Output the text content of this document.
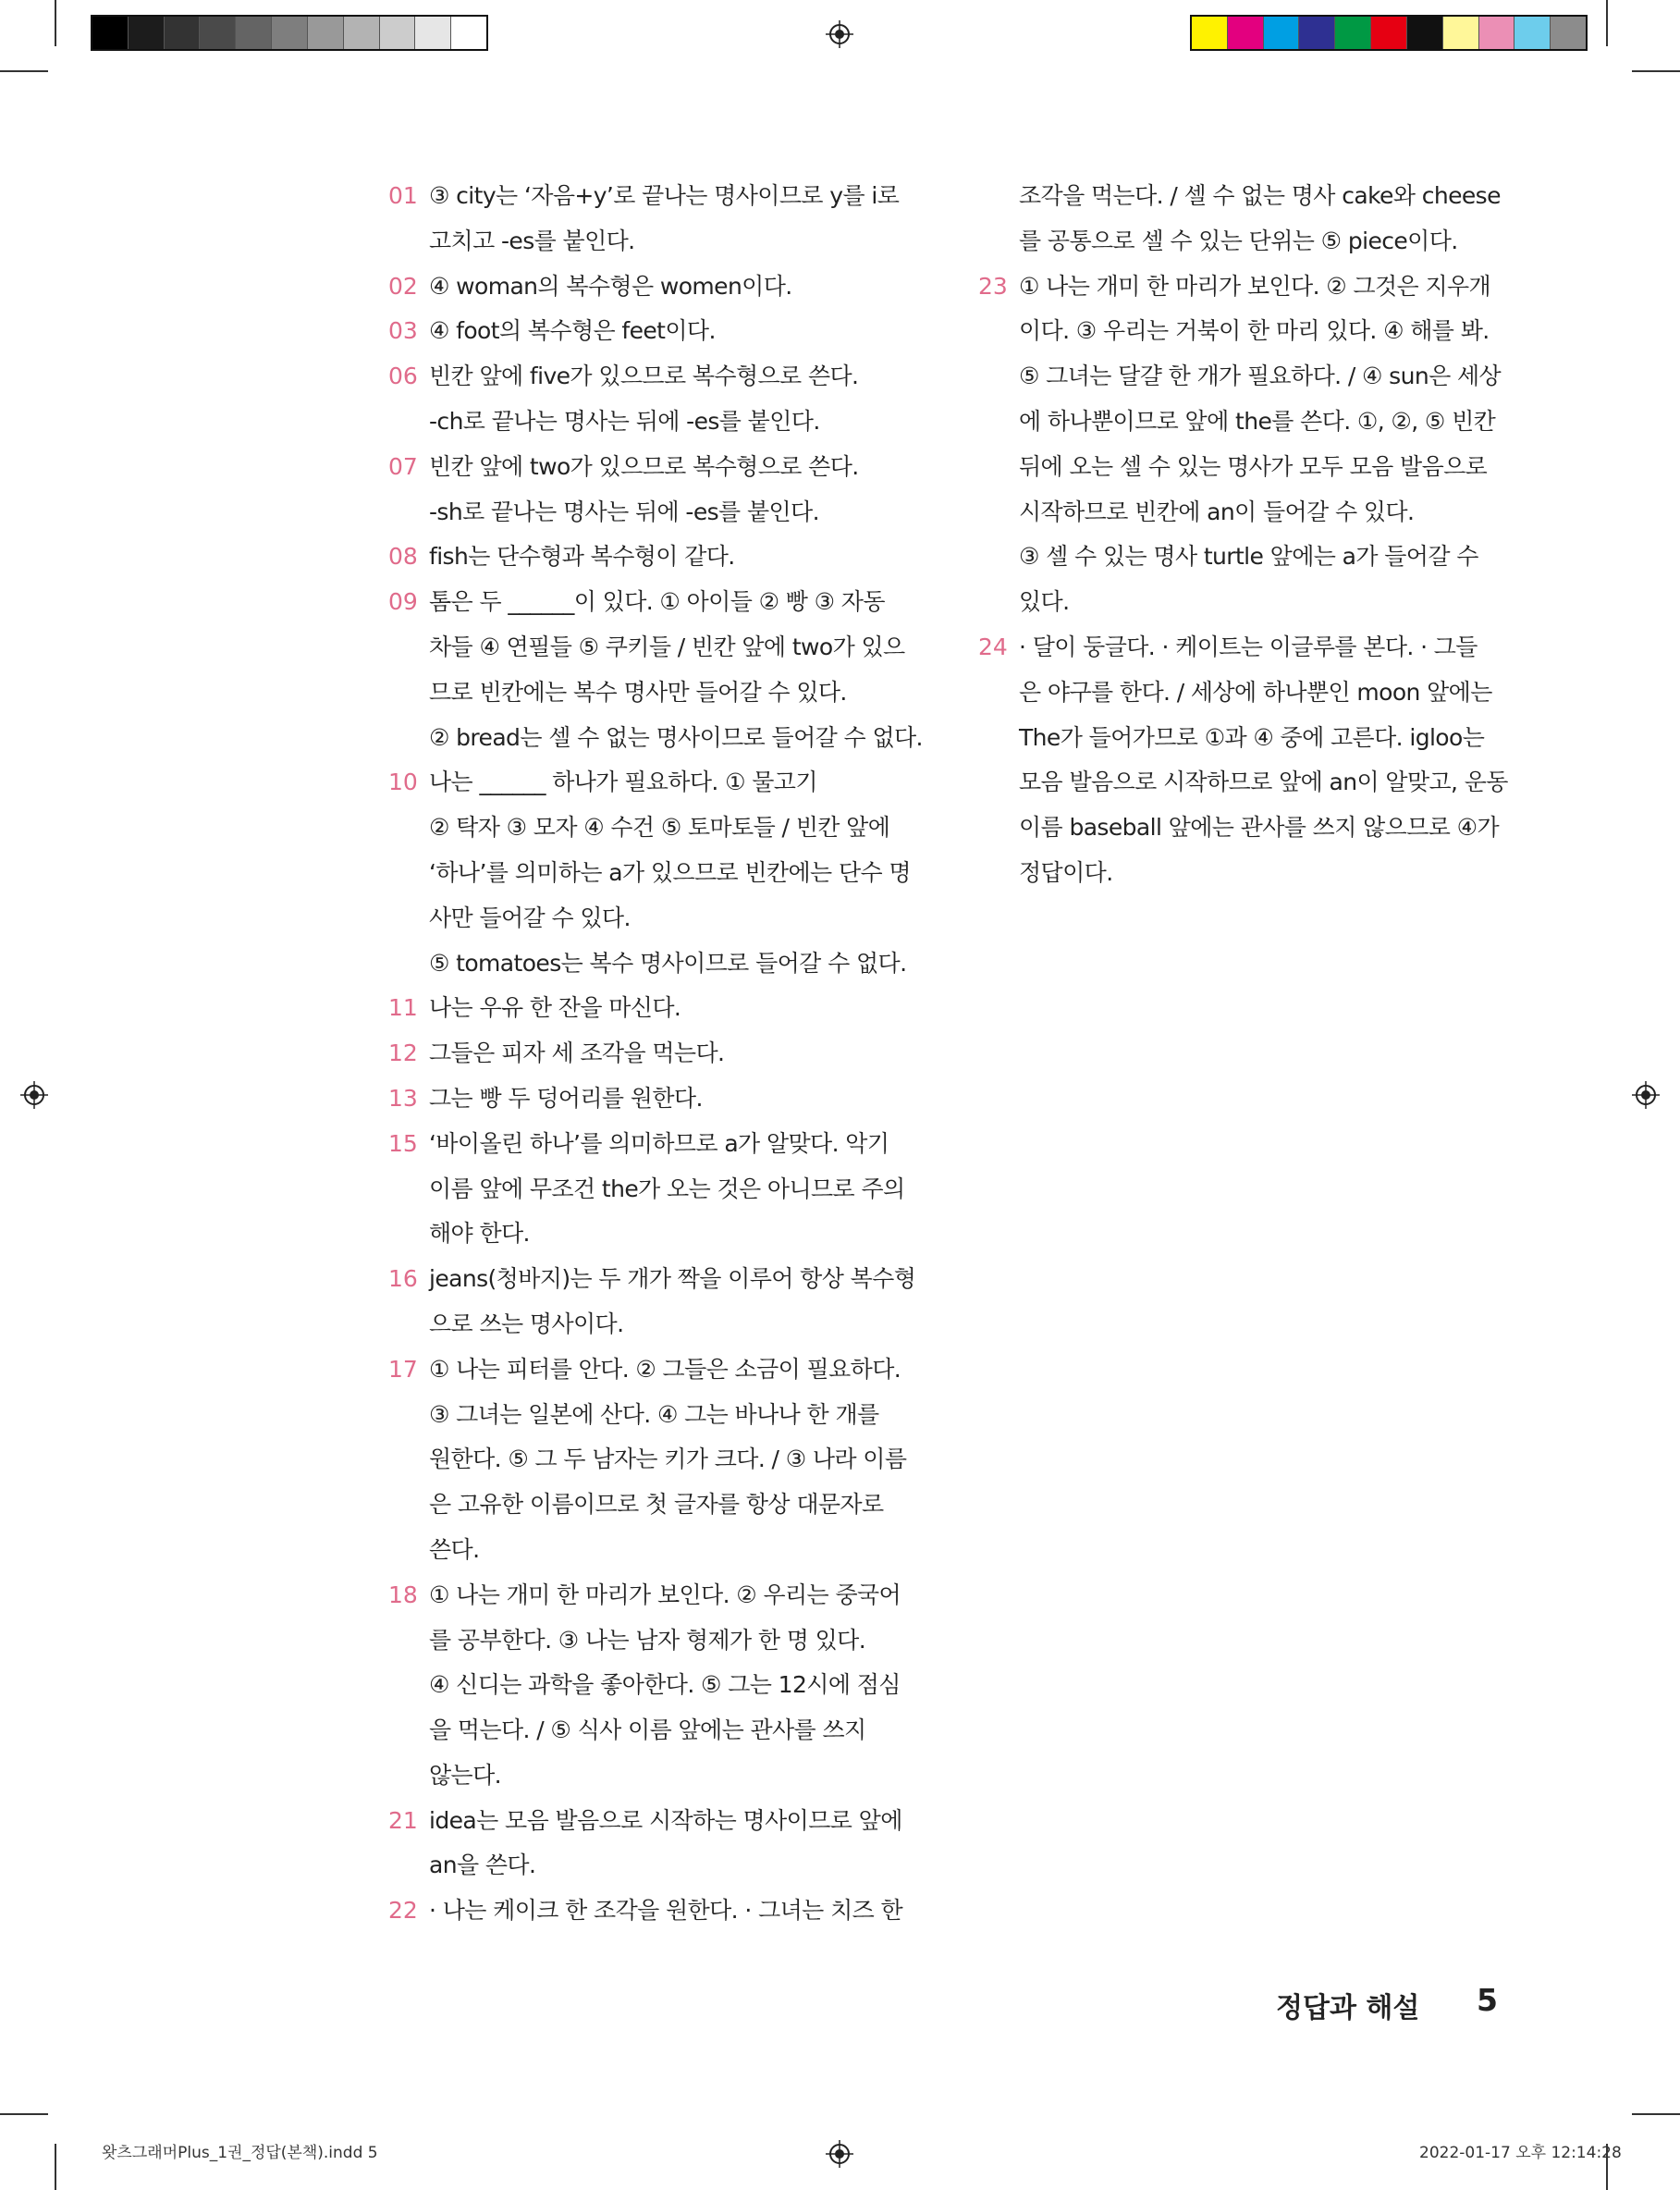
01 ③ city는 ‘자음+y’로 끝나는 명사이므로 y를 i로
고치고 -es를 붙인다.
02 ④ woman의 복수형은 women이다.
03 ④ foot의 복수형은 feet이다.
06 빈칸 앞에 five가 있으므로 복수형으로 쓴다.
-ch로 끝나는 명사는 뒤에 -es를 붙인다.
07 빈칸 앞에 two가 있으므로 복수형으로 쓴다.
-sh로 끝나는 명사는 뒤에 -es를 붙인다.
08 fish는 단수형과 복수형이 같다.
09 톰은 두 ______이 있다. ① 아이들 ② 빵 ③ 자동
차들 ④ 연필들 ⑤ 쿠키들 / 빈칸 앞에 two가 있으
므로 빈칸에는 복수 명사만 들어갈 수 있다.
② bread는 셀 수 없는 명사이므로 들어갈 수 없다.
10 나는 ______ 하나가 필요하다. ① 물고기
② 탁자 ③ 모자 ④ 수건 ⑤ 토마토들 / 빈칸 앞에
‘하나’를 의미하는 a가 있으므로 빈칸에는 단수 명
사만 들어갈 수 있다.
⑤ tomatoes는 복수 명사이므로 들어갈 수 없다.
11 나는 우유 한 잔을 마신다.
12 그들은 피자 세 조각을 먹는다.
13 그는 빵 두 덩어리를 원한다.
15 ‘바이올린 하나’를 의미하므로 a가 알맞다. 악기
이름 앞에 무조건 the가 오는 것은 아니므로 주의
해야 한다.
16 jeans(청바지)는 두 개가 짝을 이루어 항상 복수형
으로 쓰는 명사이다.
17 ① 나는 피터를 안다. ② 그들은 소금이 필요하다.
③ 그녀는 일본에 산다. ④ 그는 바나나 한 개를
원한다. ⑤ 그 두 남자는 키가 크다. / ③ 나라 이름
은 고유한 이름이므로 첫 글자를 항상 대문자로
쓴다.
18 ① 나는 개미 한 마리가 보인다. ② 우리는 중국어
를 공부한다. ③ 나는 남자 형제가 한 명 있다.
④ 신디는 과학을 좋아한다. ⑤ 그는 12시에 점심
을 먹는다. / ⑤ 식사 이름 앞에는 관사를 쓰지
않는다.
21 idea는 모음 발음으로 시작하는 명사이므로 앞에
an을 쓴다.
22 · 나는 케이크 한 조각을 원한다. · 그녀는 치즈 한
조각을 먹는다. / 셀 수 없는 명사 cake와 cheese
를 공통으로 셀 수 있는 단위는 ⑤ piece이다.
23 ① 나는 개미 한 마리가 보인다. ② 그것은 지우개
이다. ③ 우리는 거북이 한 마리 있다. ④ 해를 봐.
⑤ 그녀는 달걀 한 개가 필요하다. / ④ sun은 세상
에 하나뿐이므로 앞에 the를 쓴다. ①, ②, ⑤ 빈칸
뒤에 오는 셀 수 있는 명사가 모두 모음 발음으로
시작하므로 빈칸에 an이 들어갈 수 있다.
③ 셀 수 있는 명사 turtle 앞에는 a가 들어갈 수
있다.
24 · 달이 둥글다. · 케이트는 이글루를 본다. · 그들
은 야구를 한다. / 세상에 하나뿐인 moon 앞에는
The가 들어가므로 ①과 ④ 중에 고른다. igloo는
모음 발음으로 시작하므로 앞에 an이 알맞고, 운동
이름 baseball 앞에는 관사를 쓰지 않으므로 ④가
정답이다.
정답과 해설 5
왓츠그래머Plus_1권_정답(본책).indd 5	2022-01-17 오후 12:14:28
